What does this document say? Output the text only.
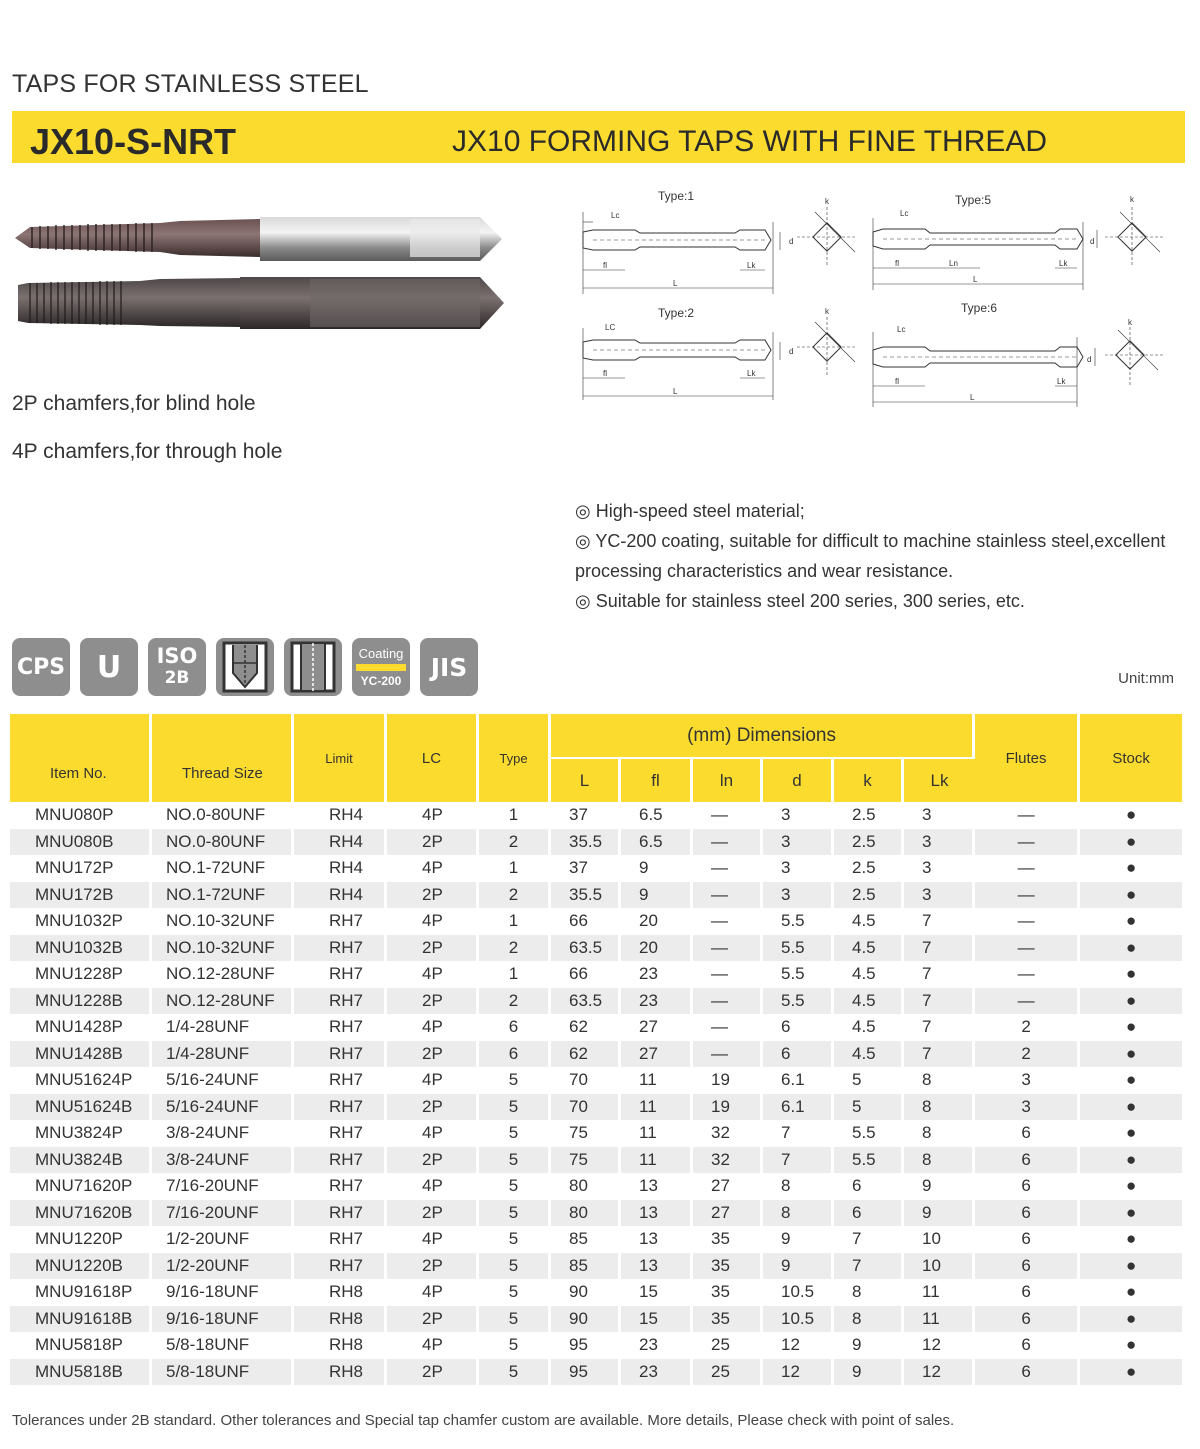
TAPS FOR STAINLESS STEEL
JX10-S-NRT	JX10 FORMING TAPS WITH FINE THREAD
2P chamfers,for blind hole
4P chamfers,for through hole
Type:1
Lc
fl
L
Lk
d
k	Type:5
Lc
fl	Ln
L
Lk
d
k
Type:2
LC
fl
L
Lk
d
k	Type:6
Lc
fl
L
Lk
d
k
◎ High-speed steel material;
◎ YC-200 coating, suitable for difficult to machine stainless steel,excellent processing characteristics and wear resistance.
◎ Suitable for stainless steel 200 series, 300 series, etc.
CPS U ISO
2B
Coating
YC-200 JIS	Unit:mm
Item No.	Thread Size	Limit	LC	Type	(mm) Dimensions						Flutes	Stock
					L	fl	ln	d	k	Lk		
MNU080P	NO.0-80UNF	RH4	4P	1	37	6.5	—	3	2.5	3	—	●
MNU080B	NO.0-80UNF	RH4	2P	2	35.5	6.5	—	3	2.5	3	—	●
MNU172P	NO.1-72UNF	RH4	4P	1	37	9	—	3	2.5	3	—	●
MNU172B	NO.1-72UNF	RH4	2P	2	35.5	9	—	3	2.5	3	—	●
MNU1032P	NO.10-32UNF	RH7	4P	1	66	20	—	5.5	4.5	7	—	●
MNU1032B	NO.10-32UNF	RH7	2P	2	63.5	20	—	5.5	4.5	7	—	●
MNU1228P	NO.12-28UNF	RH7	4P	1	66	23	—	5.5	4.5	7	—	●
MNU1228B	NO.12-28UNF	RH7	2P	2	63.5	23	—	5.5	4.5	7	—	●
MNU1428P	1/4-28UNF	RH7	4P	6	62	27	—	6	4.5	7	2	●
MNU1428B	1/4-28UNF	RH7	2P	6	62	27	—	6	4.5	7	2	●
MNU51624P	5/16-24UNF	RH7	4P	5	70	11	19	6.1	5	8	3	●
MNU51624B	5/16-24UNF	RH7	2P	5	70	11	19	6.1	5	8	3	●
MNU3824P	3/8-24UNF	RH7	4P	5	75	11	32	7	5.5	8	6	●
MNU3824B	3/8-24UNF	RH7	2P	5	75	11	32	7	5.5	8	6	●
MNU71620P	7/16-20UNF	RH7	4P	5	80	13	27	8	6	9	6	●
MNU71620B	7/16-20UNF	RH7	2P	5	80	13	27	8	6	9	6	●
MNU1220P	1/2-20UNF	RH7	4P	5	85	13	35	9	7	10	6	●
MNU1220B	1/2-20UNF	RH7	2P	5	85	13	35	9	7	10	6	●
MNU91618P	9/16-18UNF	RH8	4P	5	90	15	35	10.5	8	11	6	●
MNU91618B	9/16-18UNF	RH8	2P	5	90	15	35	10.5	8	11	6	●
MNU5818P	5/8-18UNF	RH8	4P	5	95	23	25	12	9	12	6	●
MNU5818B	5/8-18UNF	RH8	2P	5	95	23	25	12	9	12	6	●
Tolerances under 2B standard. Other tolerances and Special tap chamfer custom are available. More details, Please check with point of sales.
